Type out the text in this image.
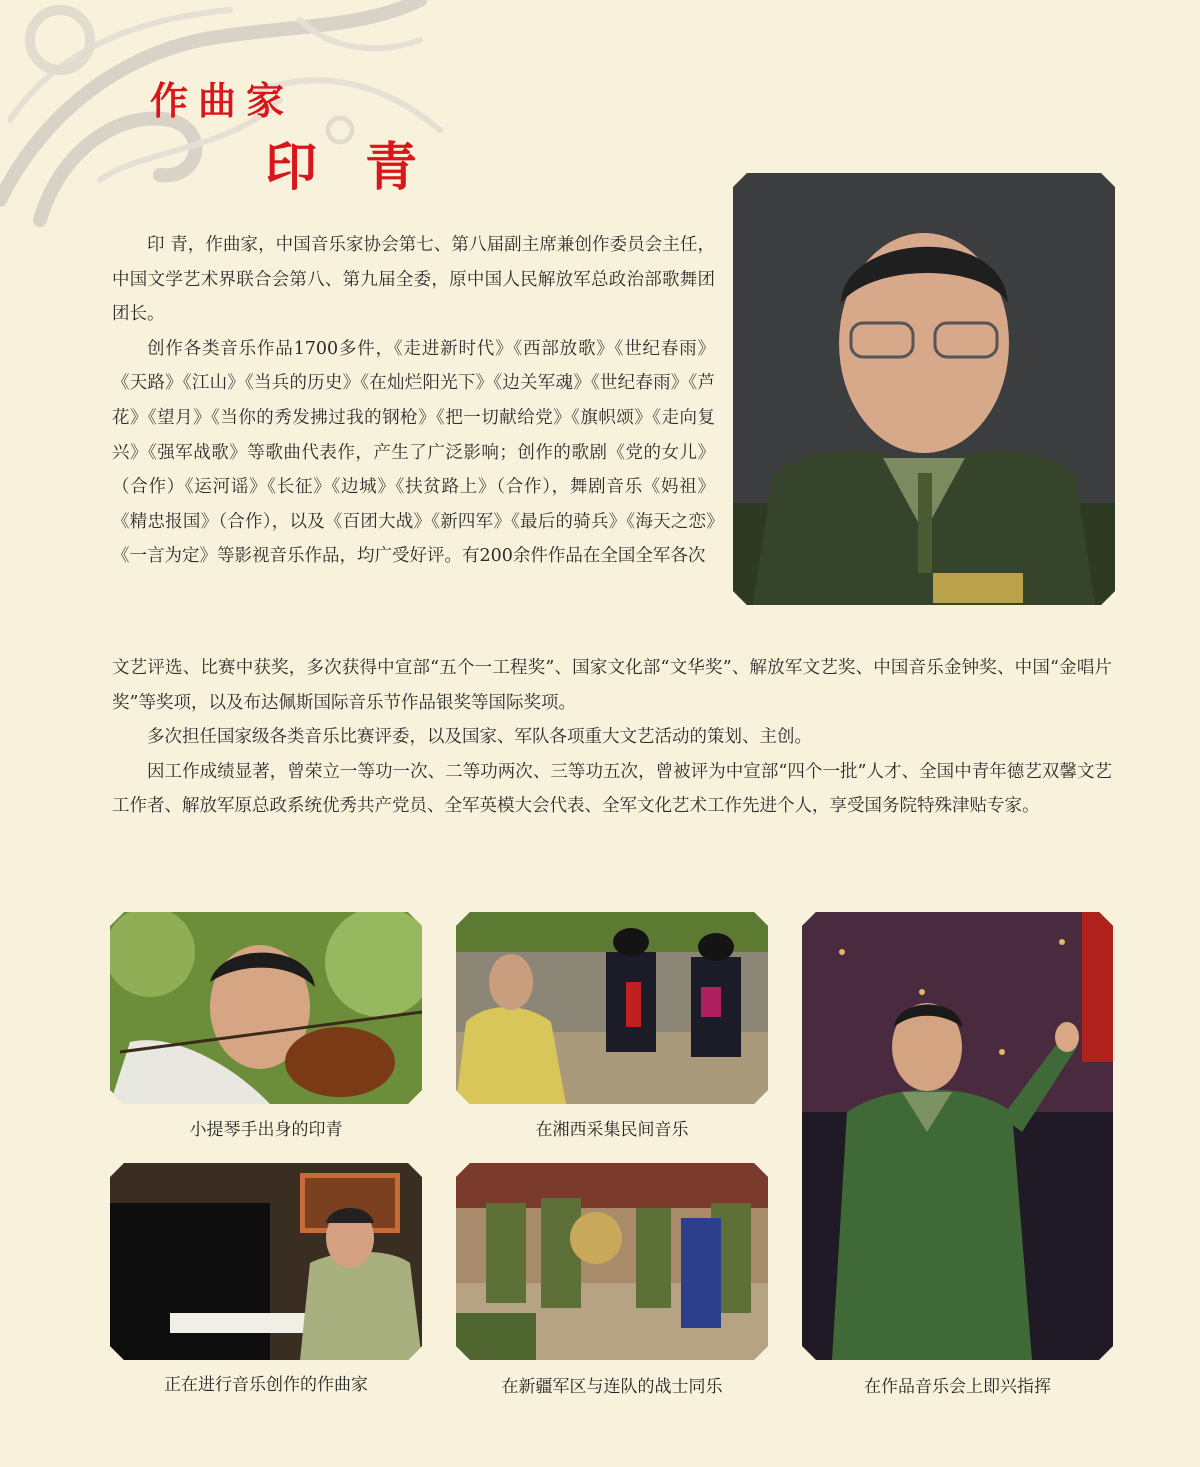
作曲家
印青

印 青，作曲家，中国音乐家协会第七、第八届副主席兼创作委员会主任，中国文学艺术界联合会第八、第九届全委，原中国人民解放军总政治部歌舞团团长。

创作各类音乐作品1700多件，《走进新时代》《西部放歌》《世纪春雨》《天路》《江山》《当兵的历史》《在灿烂阳光下》《边关军魂》《世纪春雨》《芦花》《望月》《当你的秀发拂过我的钢枪》《把一切献给党》《旗帜颂》《走向复兴》《强军战歌》等歌曲代表作，产生了广泛影响；创作的歌剧《党的女儿》（合作）《运河谣》《长征》《边城》《扶贫路上》（合作），舞剧音乐《妈祖》《精忠报国》（合作），以及《百团大战》《新四军》《最后的骑兵》《海天之恋》《一言为定》等影视音乐作品，均广受好评。有200余件作品在全国全军各次

文艺评选、比赛中获奖，多次获得中宣部“五个一工程奖”、国家文化部“文华奖”、解放军文艺奖、中国音乐金钟奖、中国“金唱片奖”等奖项，以及布达佩斯国际音乐节作品银奖等国际奖项。

多次担任国家级各类音乐比赛评委，以及国家、军队各项重大文艺活动的策划、主创。

因工作成绩显著，曾荣立一等功一次、二等功两次、三等功五次，曾被评为中宣部“四个一批”人才、全国中青年德艺双馨文艺工作者、解放军原总政系统优秀共产党员、全军英模大会代表、全军文化艺术工作先进个人，享受国务院特殊津贴专家。

小提琴手出身的印青	在湘西采集民间音乐

正在进行音乐创作的作曲家	在新疆军区与连队的战士同乐	在作品音乐会上即兴指挥
